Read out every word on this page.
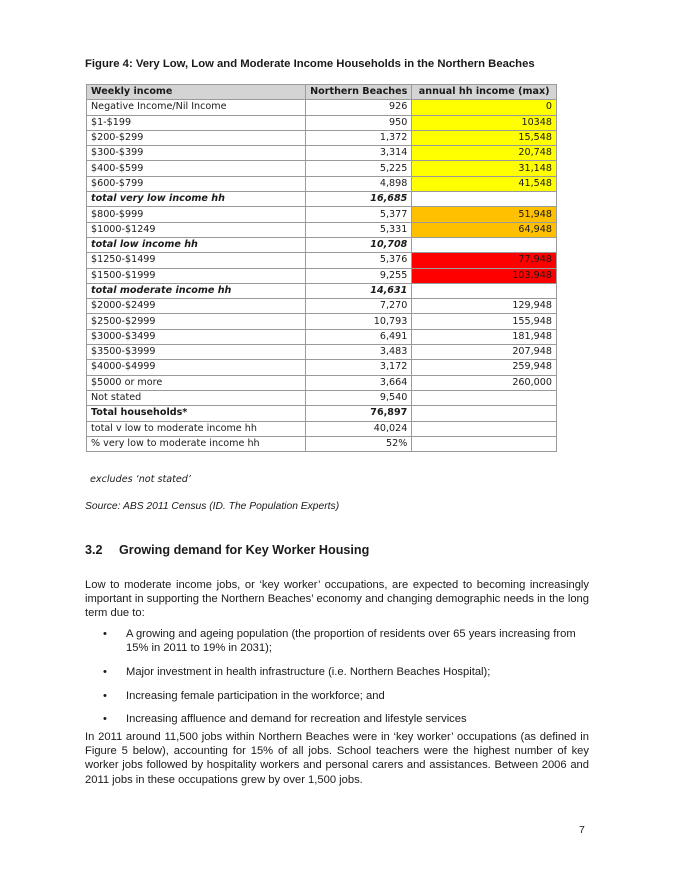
Figure 4: Very Low, Low and Moderate Income Households in the Northern Beaches
Weekly income	Northern Beaches	annual hh income (max)
Negative Income/Nil Income	926	0
$1-$199	950	10348
$200-$299	1,372	15,548
$300-$399	3,314	20,748
$400-$599	5,225	31,148
$600-$799	4,898	41,548
total very low income hh	16,685	
$800-$999	5,377	51,948
$1000-$1249	5,331	64,948
total low income hh	10,708	
$1250-$1499	5,376	77,948
$1500-$1999	9,255	103,948
total moderate income hh	14,631	
$2000-$2499	7,270	129,948
$2500-$2999	10,793	155,948
$3000-$3499	6,491	181,948
$3500-$3999	3,483	207,948
$4000-$4999	3,172	259,948
$5000 or more	3,664	260,000
Not stated	9,540	
Total households*	76,897	
total v low to moderate income hh	40,024	
% very low to moderate income hh	52%	
excludes ‘not stated’
Source: ABS 2011 Census (ID. The Population Experts)
3.2 Growing demand for Key Worker Housing
Low to moderate income jobs, or ‘key worker’ occupations, are expected to becoming increasingly important in supporting the Northern Beaches’ economy and changing demographic needs in the long term due to:
• A growing and ageing population (the proportion of residents over 65 years increasing from 15% in 2011 to 19% in 2031);
• Major investment in health infrastructure (i.e. Northern Beaches Hospital);
• Increasing female participation in the workforce; and
• Increasing affluence and demand for recreation and lifestyle services
In 2011 around 11,500 jobs within Northern Beaches were in ‘key worker’ occupations (as defined in Figure 5 below), accounting for 15% of all jobs. School teachers were the highest number of key worker jobs followed by hospitality workers and personal carers and assistances. Between 2006 and 2011 jobs in these occupations grew by over 1,500 jobs.
7
